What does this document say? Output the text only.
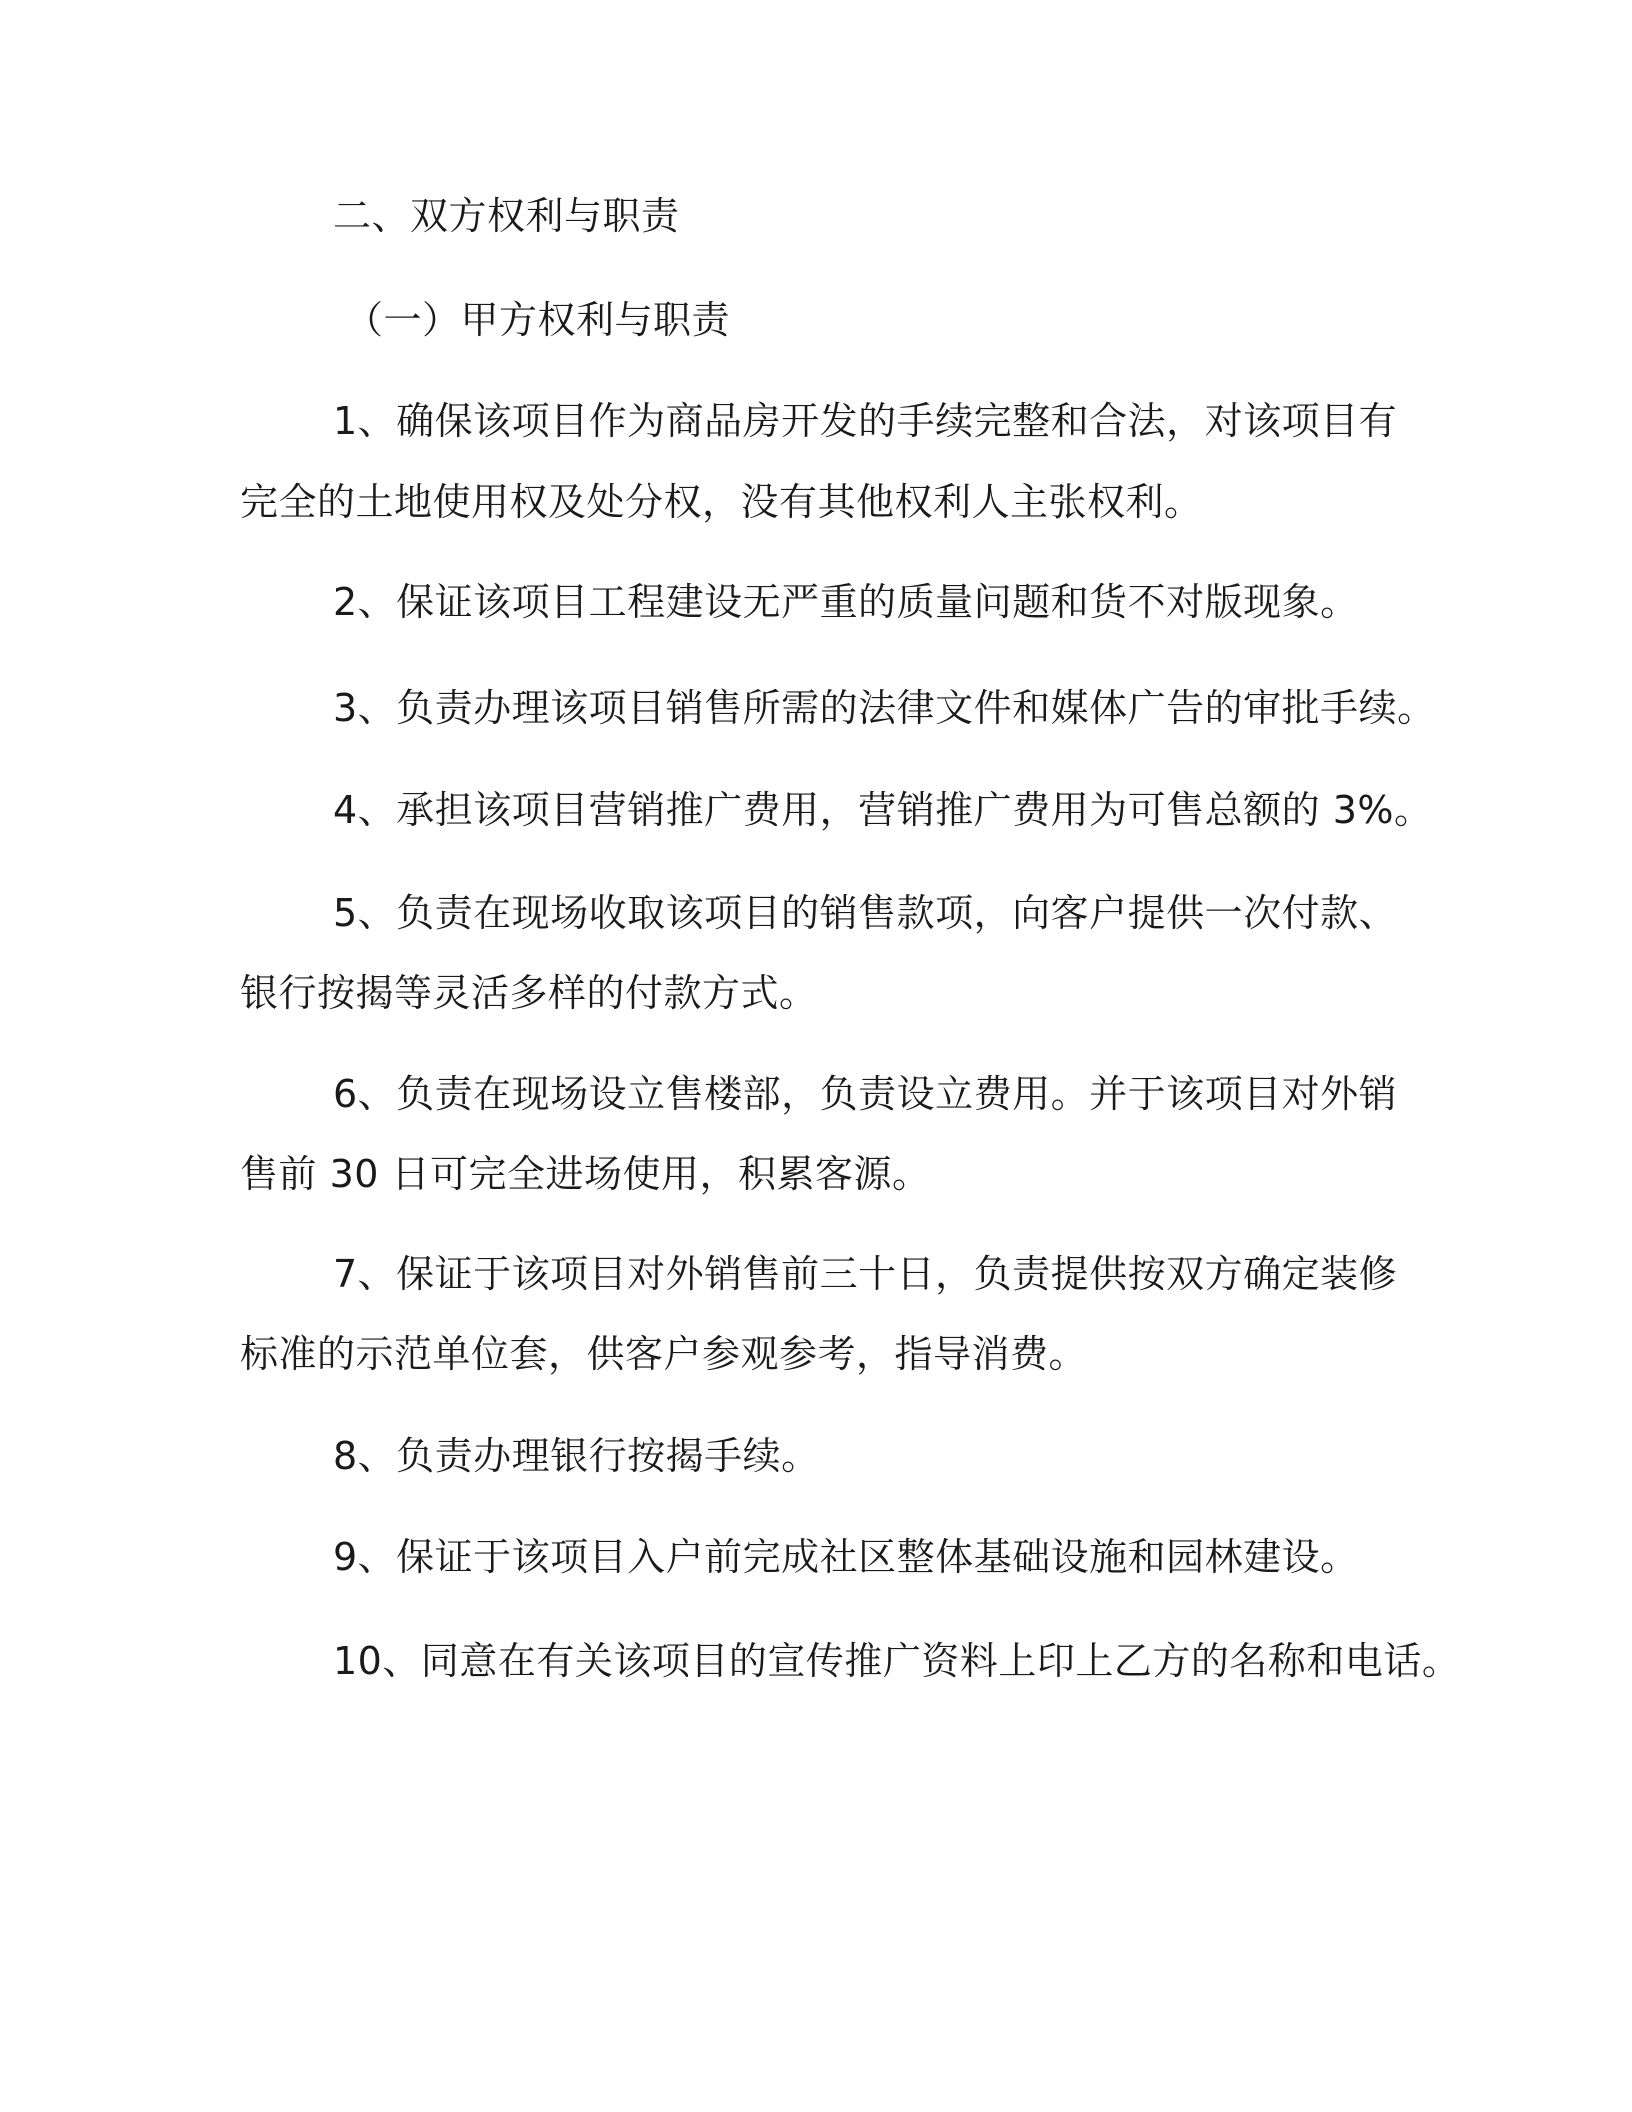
二、双方权利与职责
（一）甲方权利与职责
1、确保该项目作为商品房开发的手续完整和合法，对该项目有
完全的土地使用权及处分权，没有其他权利人主张权利。
2、保证该项目工程建设无严重的质量问题和货不对版现象。
3、负责办理该项目销售所需的法律文件和媒体广告的审批手续。
4、承担该项目营销推广费用，营销推广费用为可售总额的 3%。
5、负责在现场收取该项目的销售款项，向客户提供一次付款、
银行按揭等灵活多样的付款方式。
6、负责在现场设立售楼部，负责设立费用。并于该项目对外销
售前 30 日可完全进场使用，积累客源。
7、保证于该项目对外销售前三十日，负责提供按双方确定装修
标准的示范单位套，供客户参观参考，指导消费。
8、负责办理银行按揭手续。
9、保证于该项目入户前完成社区整体基础设施和园林建设。
10、同意在有关该项目的宣传推广资料上印上乙方的名称和电话。
